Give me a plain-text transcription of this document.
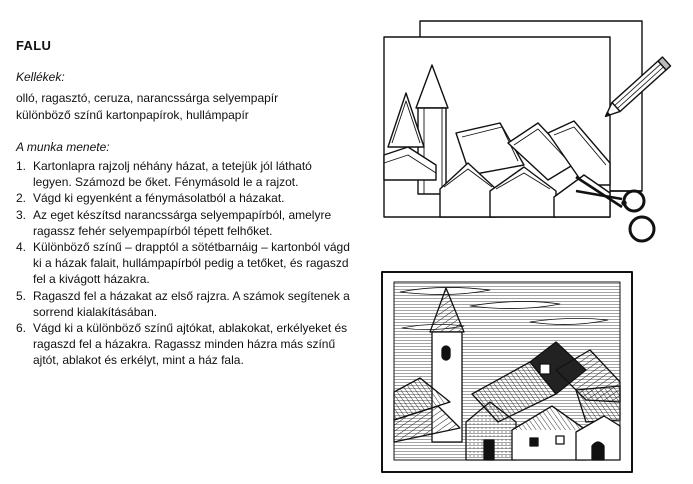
FALU
Kellékek:
olló, ragasztó, ceruza, narancssárga selyempapír
különböző színű kartonpapírok, hullámpapír
A munka menete:
1. Kartonlapra rajzolj néhány házat, a tetejük jól látható legyen. Számozd be őket. Fénymásold le a rajzot.
2. Vágd ki egyenként a fénymásolatból a házakat.
3. Az eget készítsd narancssárga selyempapírból, amelyre ragassz fehér selyempapírból tépett felhőket.
4. Különböző színű – drapptól a sötétbarnáig – kartonból vágd ki a házak falait, hullámpapírból pedig a tetőket, és ragaszd fel a kivágott házakra.
5. Ragaszd fel a házakat az első rajzra. A számok segítenek a sorrend kialakításában.
6. Vágd ki a különböző színű ajtókat, ablakokat, erkélyeket és ragaszd fel a házakra. Ragassz minden házra más színű ajtót, ablakot és erkélyt, mint a ház fala.
